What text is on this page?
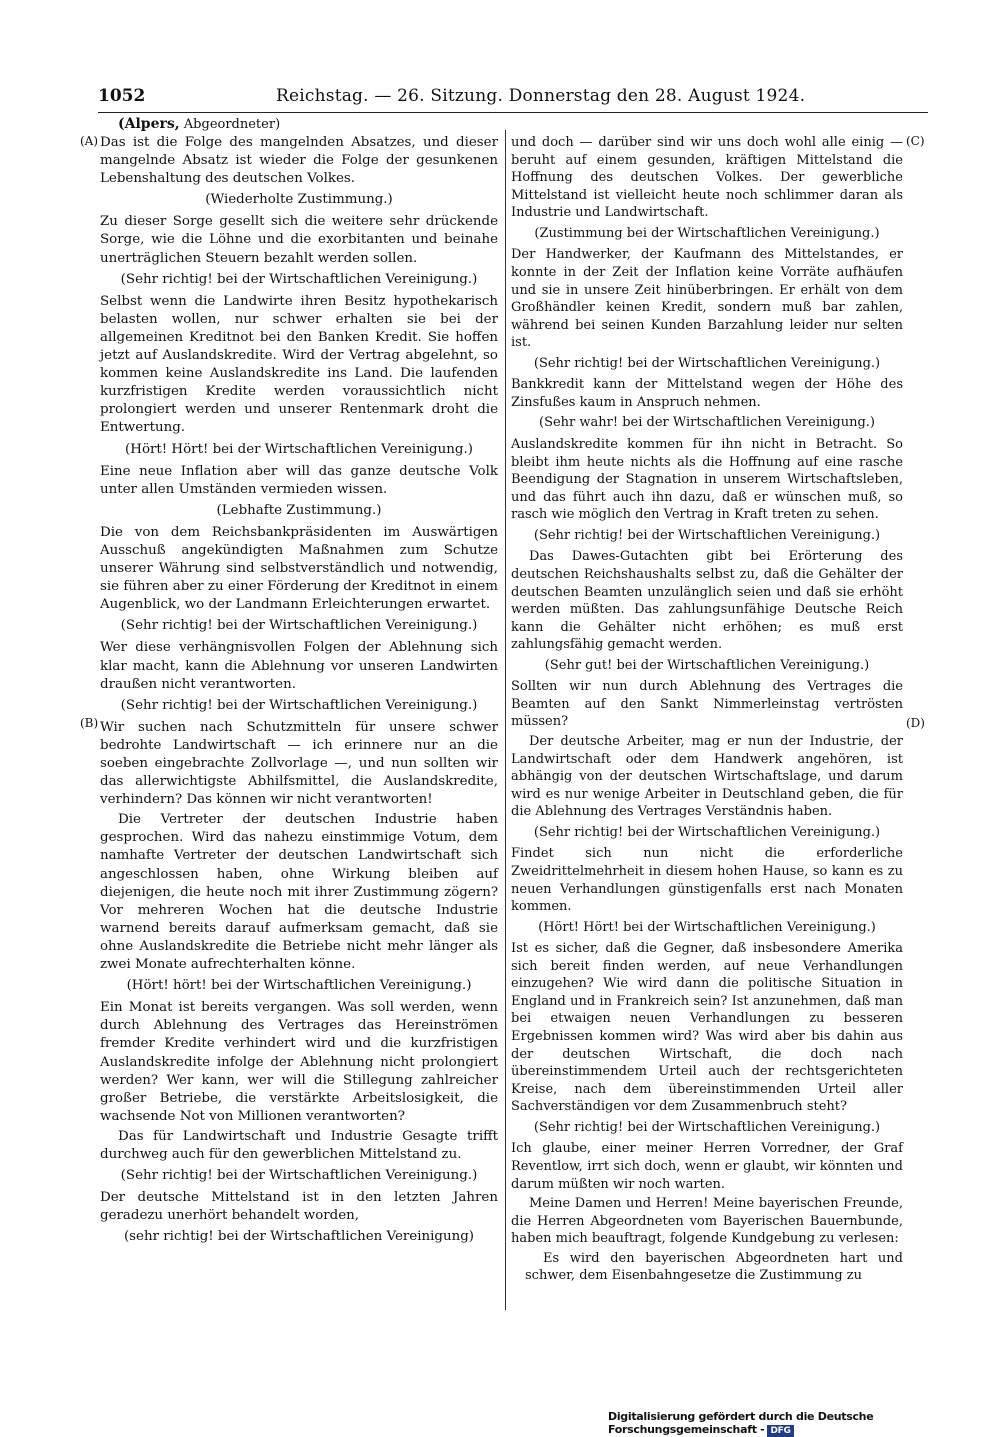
1052	Reichstag. — 26. Sitzung. Donnerstag den 28. August 1924.
(Alpers, Abgeordneter)
(A)
(B)
(C)
(D)

Das ist die Folge des mangelnden Absatzes, und dieser mangelnde Absatz ist wieder die Folge der gesunkenen Lebenshaltung des deutschen Volkes.

(Wiederholte Zustimmung.)

Zu dieser Sorge gesellt sich die weitere sehr drückende Sorge, wie die Löhne und die exorbitanten und beinahe unerträglichen Steuern bezahlt werden sollen.

(Sehr richtig! bei der Wirtschaftlichen Vereinigung.)

Selbst wenn die Landwirte ihren Besitz hypothekarisch belasten wollen, nur schwer erhalten sie bei der allgemeinen Kreditnot bei den Banken Kredit. Sie hoffen jetzt auf Auslandskredite. Wird der Vertrag abgelehnt, so kommen keine Auslandskredite ins Land. Die laufenden kurzfristigen Kredite werden voraussichtlich nicht prolongiert werden und unserer Rentenmark droht die Entwertung.

(Hört! Hört! bei der Wirtschaftlichen Vereinigung.)

Eine neue Inflation aber will das ganze deutsche Volk unter allen Umständen vermieden wissen.

(Lebhafte Zustimmung.)

Die von dem Reichsbankpräsidenten im Auswärtigen Ausschuß angekündigten Maßnahmen zum Schutze unserer Währung sind selbstverständlich und notwendig, sie führen aber zu einer Förderung der Kreditnot in einem Augenblick, wo der Landmann Erleichterungen erwartet.

(Sehr richtig! bei der Wirtschaftlichen Vereinigung.)

Wer diese verhängnisvollen Folgen der Ablehnung sich klar macht, kann die Ablehnung vor unseren Landwirten draußen nicht verantworten.

(Sehr richtig! bei der Wirtschaftlichen Vereinigung.)

Wir suchen nach Schutzmitteln für unsere schwer bedrohte Landwirtschaft — ich erinnere nur an die soeben eingebrachte Zollvorlage —, und nun sollten wir das allerwichtigste Abhilfsmittel, die Auslandskredite, verhindern? Das können wir nicht verantworten!

Die Vertreter der deutschen Industrie haben gesprochen. Wird das nahezu einstimmige Votum, dem namhafte Vertreter der deutschen Landwirtschaft sich angeschlossen haben, ohne Wirkung bleiben auf diejenigen, die heute noch mit ihrer Zustimmung zögern? Vor mehreren Wochen hat die deutsche Industrie warnend bereits darauf aufmerksam gemacht, daß sie ohne Auslandskredite die Betriebe nicht mehr länger als zwei Monate aufrechterhalten könne.

(Hört! hört! bei der Wirtschaftlichen Vereinigung.)

Ein Monat ist bereits vergangen. Was soll werden, wenn durch Ablehnung des Vertrages das Hereinströmen fremder Kredite verhindert wird und die kurzfristigen Auslandskredite infolge der Ablehnung nicht prolongiert werden? Wer kann, wer will die Stillegung zahlreicher großer Betriebe, die verstärkte Arbeitslosigkeit, die wachsende Not von Millionen verantworten?

Das für Landwirtschaft und Industrie Gesagte trifft durchweg auch für den gewerblichen Mittelstand zu.

(Sehr richtig! bei der Wirtschaftlichen Vereinigung.)

Der deutsche Mittelstand ist in den letzten Jahren geradezu unerhört behandelt worden,

(sehr richtig! bei der Wirtschaftlichen Vereinigung)

und doch — darüber sind wir uns doch wohl alle einig — beruht auf einem gesunden, kräftigen Mittelstand die Hoffnung des deutschen Volkes. Der gewerbliche Mittelstand ist vielleicht heute noch schlimmer daran als Industrie und Landwirtschaft.

(Zustimmung bei der Wirtschaftlichen Vereinigung.)

Der Handwerker, der Kaufmann des Mittelstandes, er konnte in der Zeit der Inflation keine Vorräte aufhäufen und sie in unsere Zeit hinüberbringen. Er erhält von dem Großhändler keinen Kredit, sondern muß bar zahlen, während bei seinen Kunden Barzahlung leider nur selten ist.

(Sehr richtig! bei der Wirtschaftlichen Vereinigung.)

Bankkredit kann der Mittelstand wegen der Höhe des Zinsfußes kaum in Anspruch nehmen.

(Sehr wahr! bei der Wirtschaftlichen Vereinigung.)

Auslandskredite kommen für ihn nicht in Betracht. So bleibt ihm heute nichts als die Hoffnung auf eine rasche Beendigung der Stagnation in unserem Wirtschaftsleben, und das führt auch ihn dazu, daß er wünschen muß, so rasch wie möglich den Vertrag in Kraft treten zu sehen.

(Sehr richtig! bei der Wirtschaftlichen Vereinigung.)

Das Dawes-Gutachten gibt bei Erörterung des deutschen Reichshaushalts selbst zu, daß die Gehälter der deutschen Beamten unzulänglich seien und daß sie erhöht werden müßten. Das zahlungsunfähige Deutsche Reich kann die Gehälter nicht erhöhen; es muß erst zahlungsfähig gemacht werden.

(Sehr gut! bei der Wirtschaftlichen Vereinigung.)

Sollten wir nun durch Ablehnung des Vertrages die Beamten auf den Sankt Nimmerleinstag vertrösten müssen?

Der deutsche Arbeiter, mag er nun der Industrie, der Landwirtschaft oder dem Handwerk angehören, ist abhängig von der deutschen Wirtschaftslage, und darum wird es nur wenige Arbeiter in Deutschland geben, die für die Ablehnung des Vertrages Verständnis haben.

(Sehr richtig! bei der Wirtschaftlichen Vereinigung.)

Findet sich nun nicht die erforderliche Zweidrittelmehrheit in diesem hohen Hause, so kann es zu neuen Verhandlungen günstigenfalls erst nach Monaten kommen.

(Hört! Hört! bei der Wirtschaftlichen Vereinigung.)

Ist es sicher, daß die Gegner, daß insbesondere Amerika sich bereit finden werden, auf neue Verhandlungen einzugehen? Wie wird dann die politische Situation in England und in Frankreich sein? Ist anzunehmen, daß man bei etwaigen neuen Verhandlungen zu besseren Ergebnissen kommen wird? Was wird aber bis dahin aus der deutschen Wirtschaft, die doch nach übereinstimmendem Urteil auch der rechtsgerichteten Kreise, nach dem übereinstimmenden Urteil aller Sachverständigen vor dem Zusammenbruch steht?

(Sehr richtig! bei der Wirtschaftlichen Vereinigung.)

Ich glaube, einer meiner Herren Vorredner, der Graf Reventlow, irrt sich doch, wenn er glaubt, wir könnten und darum müßten wir noch warten.

Meine Damen und Herren! Meine bayerischen Freunde, die Herren Abgeordneten vom Bayerischen Bauernbunde, haben mich beauftragt, folgende Kundgebung zu verlesen:

Es wird den bayerischen Abgeordneten hart und schwer, dem Eisenbahngesetze die Zustimmung zu

Digitalisierung gefördert durch die Deutsche Forschungsgemeinschaft - DFG
